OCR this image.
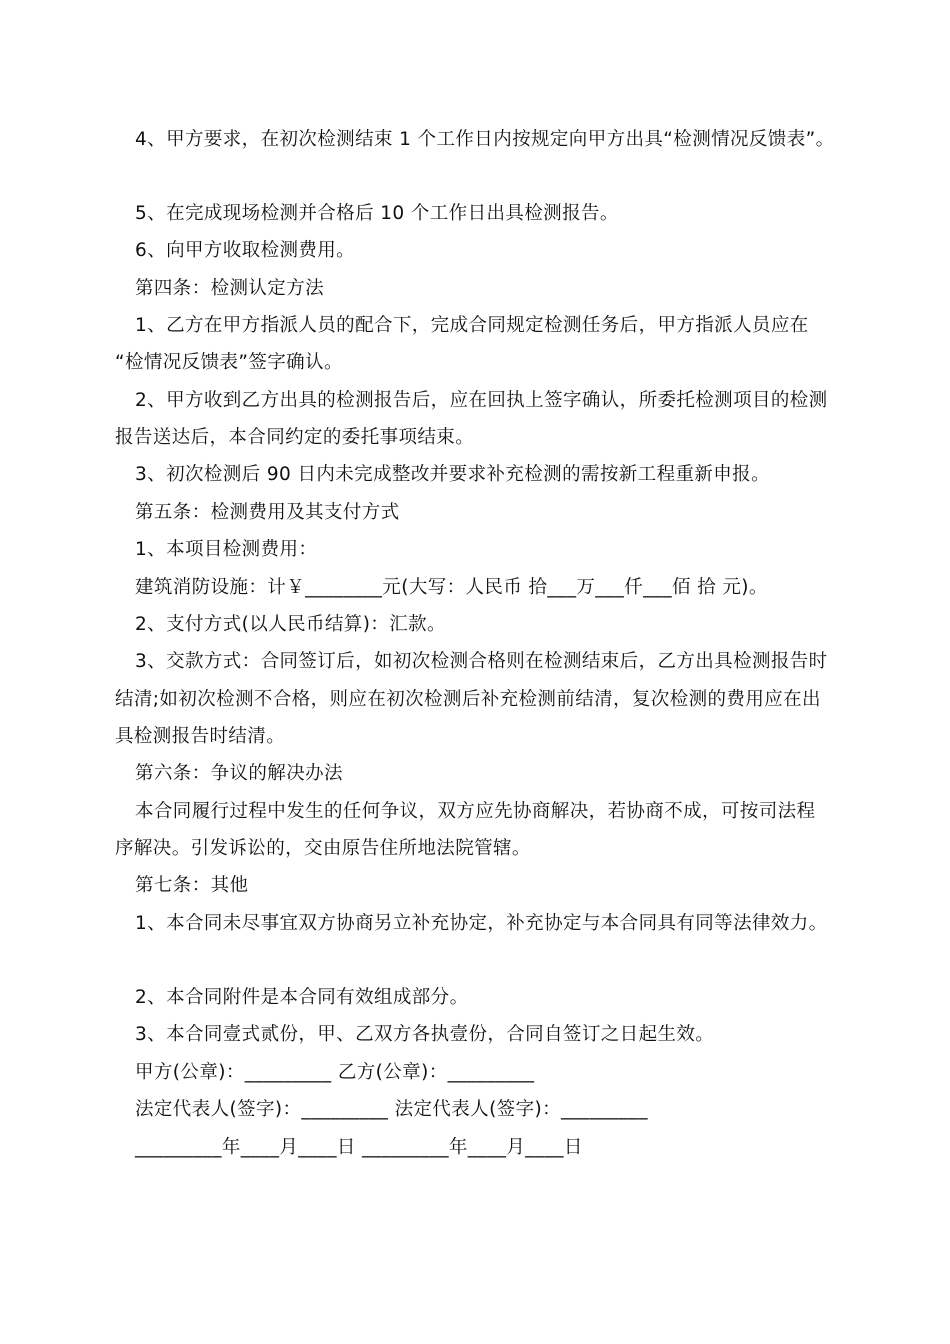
4、甲方要求，在初次检测结束 1 个工作日内按规定向甲方出具“检测情况反馈表”。
5、在完成现场检测并合格后 10 个工作日出具检测报告。
6、向甲方收取检测费用。
第四条：检测认定方法
1、乙方在甲方指派人员的配合下，完成合同规定检测任务后，甲方指派人员应在
“检情况反馈表”签字确认。
2、甲方收到乙方出具的检测报告后，应在回执上签字确认，所委托检测项目的检测
报告送达后，本合同约定的委托事项结束。
3、初次检测后 90 日内未完成整改并要求补充检测的需按新工程重新申报。
第五条：检测费用及其支付方式
1、本项目检测费用：
建筑消防设施：计￥________元(大写：人民币 拾___万___仟___佰 拾 元)。
2、支付方式(以人民币结算)：汇款。
3、交款方式：合同签订后，如初次检测合格则在检测结束后，乙方出具检测报告时
结清;如初次检测不合格，则应在初次检测后补充检测前结清，复次检测的费用应在出
具检测报告时结清。
第六条：争议的解决办法
本合同履行过程中发生的任何争议，双方应先协商解决，若协商不成，可按司法程
序解决。引发诉讼的，交由原告住所地法院管辖。
第七条：其他
1、本合同未尽事宜双方协商另立补充协定，补充协定与本合同具有同等法律效力。
2、本合同附件是本合同有效组成部分。
3、本合同壹式贰份，甲、乙双方各执壹份，合同自签订之日起生效。
甲方(公章)：_________ 乙方(公章)：_________
法定代表人(签字)：_________ 法定代表人(签字)：_________
_________年____月____日 _________年____月____日
